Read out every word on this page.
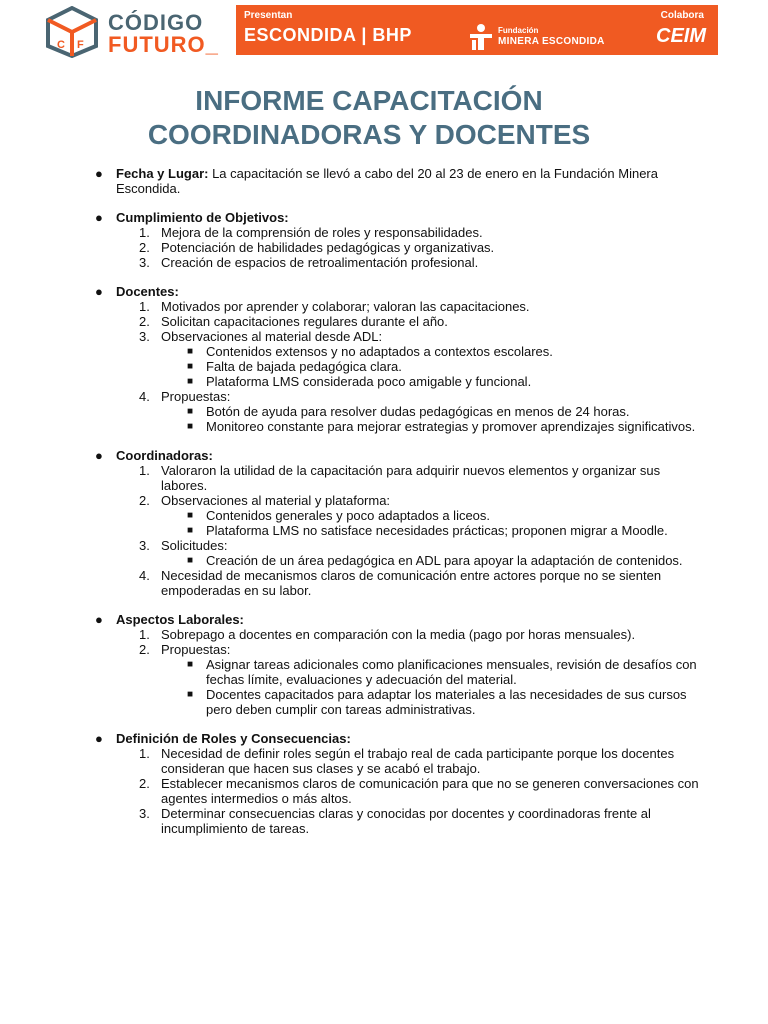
C F
CÓDIGO
FUTURO_
Presentan
ESCONDIDA | BHP	Fundación
MINERA ESCONDIDA
Colabora
CEIM
INFORME CAPACITACIÓN
COORDINADORAS Y DOCENTES
● Fecha y Lugar: La capacitación se llevó a cabo del 20 al 23 de enero en la Fundación Minera Escondida.
● Cumplimiento de Objetivos:
1. Mejora de la comprensión de roles y responsabilidades.
2. Potenciación de habilidades pedagógicas y organizativas.
3. Creación de espacios de retroalimentación profesional.
● Docentes:
1. Motivados por aprender y colaborar; valoran las capacitaciones.
2. Solicitan capacitaciones regulares durante el año.
3. Observaciones al material desde ADL:
■ Contenidos extensos y no adaptados a contextos escolares.
■ Falta de bajada pedagógica clara.
■ Plataforma LMS considerada poco amigable y funcional.
4. Propuestas:
■ Botón de ayuda para resolver dudas pedagógicas en menos de 24 horas.
■ Monitoreo constante para mejorar estrategias y promover aprendizajes significativos.
● Coordinadoras:
1. Valoraron la utilidad de la capacitación para adquirir nuevos elementos y organizar sus labores.
2. Observaciones al material y plataforma:
■ Contenidos generales y poco adaptados a liceos.
■ Plataforma LMS no satisface necesidades prácticas; proponen migrar a Moodle.
3. Solicitudes:
■ Creación de un área pedagógica en ADL para apoyar la adaptación de contenidos.
4. Necesidad de mecanismos claros de comunicación entre actores porque no se sienten empoderadas en su labor.
● Aspectos Laborales:
1. Sobrepago a docentes en comparación con la media (pago por horas mensuales).
2. Propuestas:
■ Asignar tareas adicionales como planificaciones mensuales, revisión de desafíos con fechas límite, evaluaciones y adecuación del material.
■ Docentes capacitados para adaptar los materiales a las necesidades de sus cursos pero deben cumplir con tareas administrativas.
● Definición de Roles y Consecuencias:
1. Necesidad de definir roles según el trabajo real de cada participante porque los docentes consideran que hacen sus clases y se acabó el trabajo.
2. Establecer mecanismos claros de comunicación para que no se generen conversaciones con agentes intermedios o más altos.
3. Determinar consecuencias claras y conocidas por docentes y coordinadoras frente al incumplimiento de tareas.
